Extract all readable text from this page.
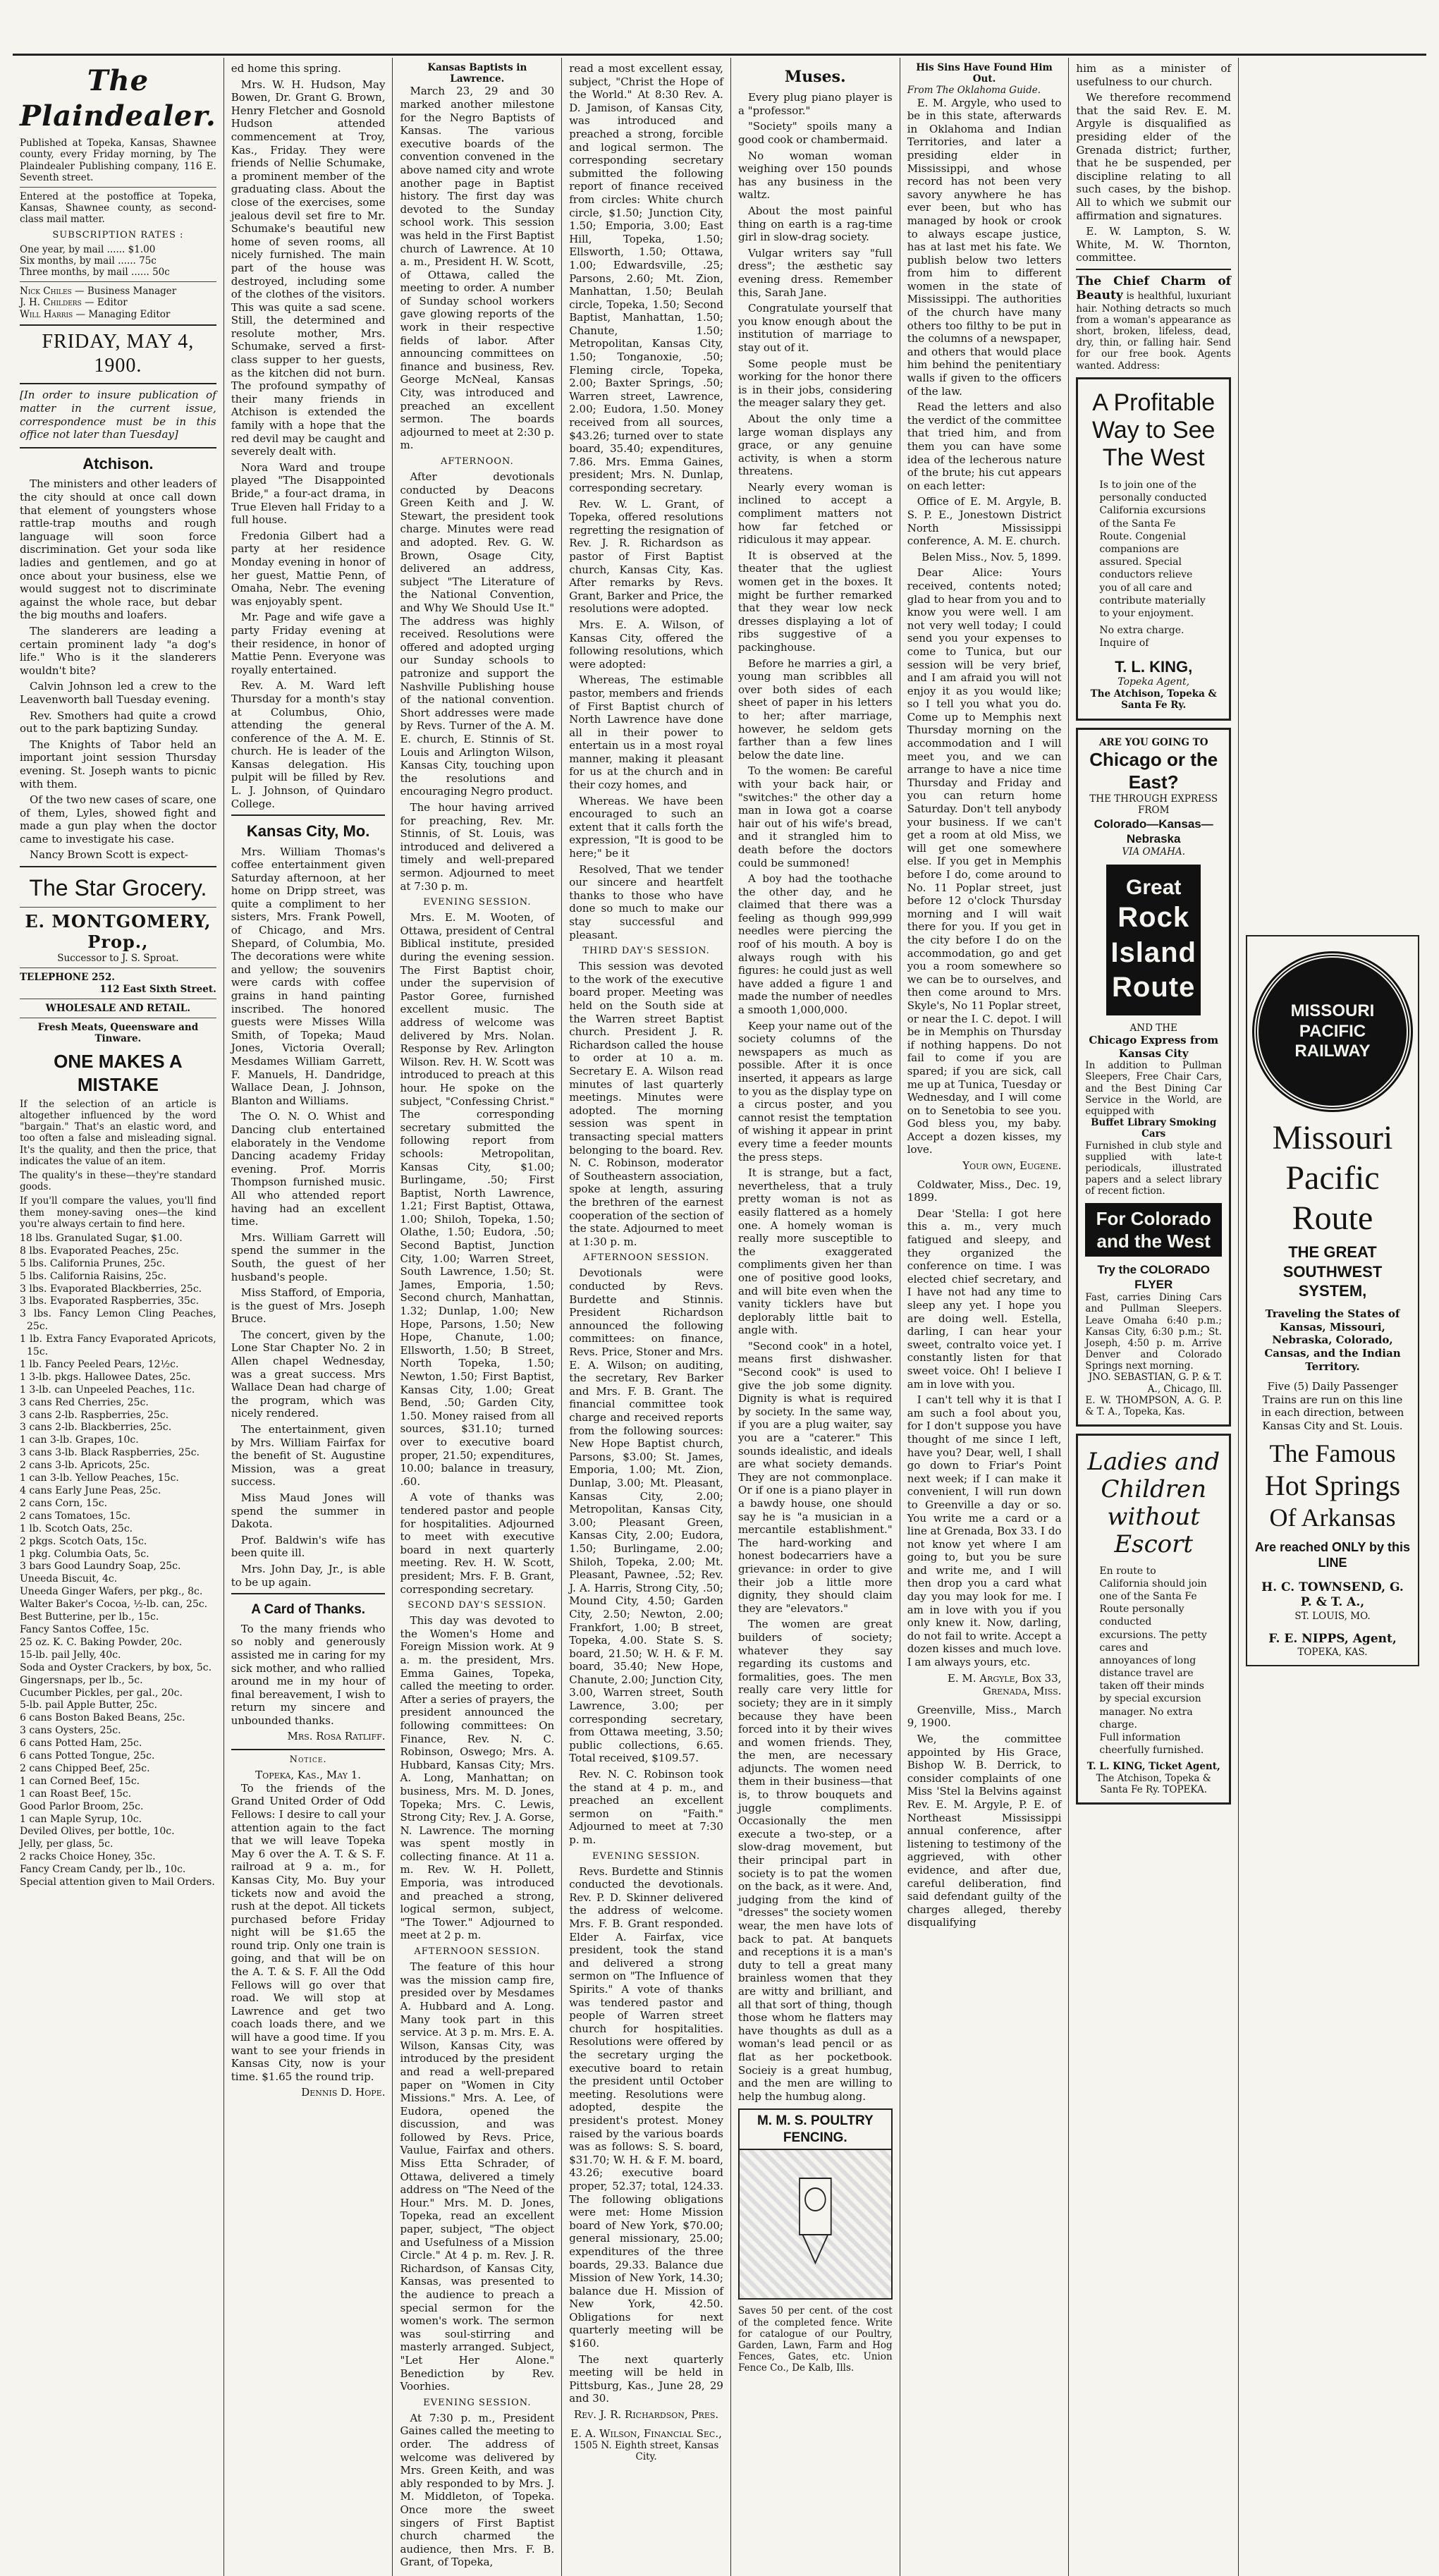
The Plaindealer.
Published at Topeka, Kansas, Shawnee county, every Friday morning, by The Plaindealer Publishing company, 116 E. Seventh street.
Entered at the postoffice at Topeka, Kansas, Shawnee county, as second-class mail matter.
SUBSCRIPTION RATES :
One year, by mail ...... $1.00
Six months, by mail ...... 75c
Three months, by mail ...... 50c
Nick Chiles — Business Manager
J. H. Childers — Editor
Will Harris — Managing Editor
FRIDAY, MAY 4, 1900.
[In order to insure publication of matter in the current issue, correspondence must be in this office not later than Tuesday]
Atchison.

The ministers and other leaders of the city should at once call down that element of youngsters whose rattle-trap mouths and rough language will soon force discrimination. Get your soda like ladies and gentlemen, and go at once about your business, else we would suggest not to discriminate against the whole race, but debar the big mouths and loafers.

The slanderers are leading a certain prominent lady "a dog's life." Who is it the slanderers wouldn't bite?

Calvin Johnson led a crew to the Leavenworth ball Tuesday evening.

Rev. Smothers had quite a crowd out to the park baptizing Sunday.

The Knights of Tabor held an important joint session Thursday evening. St. Joseph wants to picnic with them.

Of the two new cases of scare, one of them, Lyles, showed fight and made a gun play when the doctor came to investigate his case.

Nancy Brown Scott is expect-

The Star Grocery.
E. MONTGOMERY, Prop.,
Successor to J. S. Sproat.
TELEPHONE 252.
112 East Sixth Street.
WHOLESALE AND RETAIL.
Fresh Meats, Queensware and Tinware.
ONE MAKES A MISTAKE
If the selection of an article is altogether influenced by the word "bargain." That's an elastic word, and too often a false and misleading signal. It's the quality, and then the price, that indicates the value of an item.
The quality's in these—they're standard goods.
If you'll compare the values, you'll find them money-saving ones—the kind you're always certain to find here.
18 lbs. Granulated Sugar, $1.00.
8 lbs. Evaporated Peaches, 25c.
5 lbs. California Prunes, 25c.
5 lbs. California Raisins, 25c.
3 lbs. Evaporated Blackberries, 25c.
3 lbs. Evaporated Raspberries, 35c.
3 lbs. Fancy Lemon Cling Peaches, 25c.
1 lb. Extra Fancy Evaporated Apricots, 15c.
1 lb. Fancy Peeled Pears, 12½c.
1 3-lb. pkgs. Hallowee Dates, 25c.
1 3-lb. can Unpeeled Peaches, 11c.
3 cans Red Cherries, 25c.
3 cans 2-lb. Raspberries, 25c.
3 cans 2-lb. Blackberries, 25c.
1 can 3-lb. Grapes, 10c.
3 cans 3-lb. Black Raspberries, 25c.
2 cans 3-lb. Apricots, 25c.
1 can 3-lb. Yellow Peaches, 15c.
4 cans Early June Peas, 25c.
2 cans Corn, 15c.
2 cans Tomatoes, 15c.
1 lb. Scotch Oats, 25c.
2 pkgs. Scotch Oats, 15c.
1 pkg. Columbia Oats, 5c.
3 bars Good Laundry Soap, 25c.
Uneeda Biscuit, 4c.
Uneeda Ginger Wafers, per pkg., 8c.
Walter Baker's Cocoa, ½-lb. can, 25c.
Best Butterine, per lb., 15c.
Fancy Santos Coffee, 15c.
25 oz. K. C. Baking Powder, 20c.
15-lb. pail Jelly, 40c.
Soda and Oyster Crackers, by box, 5c.
Gingersnaps, per lb., 5c.
Cucumber Pickles, per gal., 20c.
5-lb. pail Apple Butter, 25c.
6 cans Boston Baked Beans, 25c.
3 cans Oysters, 25c.
6 cans Potted Ham, 25c.
6 cans Potted Tongue, 25c.
2 cans Chipped Beef, 25c.
1 can Corned Beef, 15c.
1 can Roast Beef, 15c.
Good Parlor Broom, 25c.
1 can Maple Syrup, 10c.
Deviled Olives, per bottle, 10c.
Jelly, per glass, 5c.
2 racks Choice Honey, 35c.
Fancy Cream Candy, per lb., 10c.
Special attention given to Mail Orders.

ed home this spring.

Mrs. W. H. Hudson, May Bowen, Dr. Grant G. Brown, Henry Fletcher and Gosnold Hudson attended commencement at Troy, Kas., Friday. They were friends of Nellie Schumake, a prominent member of the graduating class. About the close of the exercises, some jealous devil set fire to Mr. Schumake's beautiful new home of seven rooms, all nicely furnished. The main part of the house was destroyed, including some of the clothes of the visitors. This was quite a sad scene. Still, the determined and resolute mother, Mrs. Schumake, served a first-class supper to her guests, as the kitchen did not burn. The profound sympathy of their many friends in Atchison is extended the family with a hope that the red devil may be caught and severely dealt with.

Nora Ward and troupe played "The Disappointed Bride," a four-act drama, in True Eleven hall Friday to a full house.

Fredonia Gilbert had a party at her residence Monday evening in honor of her guest, Mattie Penn, of Omaha, Nebr. The evening was enjoyably spent.

Mr. Page and wife gave a party Friday evening at their residence, in honor of Mattie Penn. Everyone was royally entertained.

Rev. A. M. Ward left Thursday for a month's stay at Columbus, Ohio, attending the general conference of the A. M. E. church. He is leader of the Kansas delegation. His pulpit will be filled by Rev. L. J. Johnson, of Quindaro College.

Kansas City, Mo.

Mrs. William Thomas's coffee entertainment given Saturday afternoon, at her home on Dripp street, was quite a compliment to her sisters, Mrs. Frank Powell, of Chicago, and Mrs. Shepard, of Columbia, Mo. The decorations were white and yellow; the souvenirs were cards with coffee grains in hand painting inscribed. The honored guests were Misses Willa Smith, of Topeka; Maud Jones, Victoria Overall; Mesdames William Garrett, F. Manuels, H. Dandridge, Wallace Dean, J. Johnson, Blanton and Williams.

The O. N. O. Whist and Dancing club entertained elaborately in the Vendome Dancing academy Friday evening. Prof. Morris Thompson furnished music. All who attended report having had an excellent time.

Mrs. William Garrett will spend the summer in the South, the guest of her husband's people.

Miss Stafford, of Emporia, is the guest of Mrs. Joseph Bruce.

The concert, given by the Lone Star Chapter No. 2 in Allen chapel Wednesday, was a great success. Mrs Wallace Dean had charge of the program, which was nicely rendered.

The entertainment, given by Mrs. William Fairfax for the benefit of St. Augustine Mission, was a great success.

Miss Maud Jones will spend the summer in Dakota.

Prof. Baldwin's wife has been quite ill.

Mrs. John Day, Jr., is able to be up again.

A Card of Thanks.

To the many friends who so nobly and generously assisted me in caring for my sick mother, and who rallied around me in my hour of final bereavement, I wish to return my sincere and unbounded thanks.

Mrs. Rosa Ratliff.
Notice.
Topeka, Kas., May 1.

To the friends of the Grand United Order of Odd Fellows: I desire to call your attention again to the fact that we will leave Topeka May 6 over the A. T. & S. F. railroad at 9 a. m., for Kansas City, Mo. Buy your tickets now and avoid the rush at the depot. All tickets purchased before Friday night will be $1.65 the round trip. Only one train is going, and that will be on the A. T. & S. F. All the Odd Fellows will go over that road. We will stop at Lawrence and get two coach loads there, and we will have a good time. If you want to see your friends in Kansas City, now is your time. $1.65 the round trip.

Dennis D. Hope.
Kansas Baptists in Lawrence.

March 23, 29 and 30 marked another milestone for the Negro Baptists of Kansas. The various executive boards of the convention convened in the above named city and wrote another page in Baptist history. The first day was devoted to the Sunday school work. This session was held in the First Baptist church of Lawrence. At 10 a. m., President H. W. Scott, of Ottawa, called the meeting to order. A number of Sunday school workers gave glowing reports of the work in their respective fields of labor. After announcing committees on finance and business, Rev. George McNeal, Kansas City, was introduced and preached an excellent sermon. The boards adjourned to meet at 2:30 p. m.

AFTERNOON.

After devotionals conducted by Deacons Green Keith and J. W. Stewart, the president took charge. Minutes were read and adopted. Rev. G. W. Brown, Osage City, delivered an address, subject "The Literature of the National Convention, and Why We Should Use It." The address was highly received. Resolutions were offered and adopted urging our Sunday schools to patronize and support the Nashville Publishing house of the national convention. Short addresses were made by Revs. Turner of the A. M. E. church, E. Stinnis of St. Louis and Arlington Wilson, Kansas City, touching upon the resolutions and encouraging Negro product.

The hour having arrived for preaching, Rev. Mr. Stinnis, of St. Louis, was introduced and delivered a timely and well-prepared sermon. Adjourned to meet at 7:30 p. m.

EVENING SESSION.

Mrs. E. M. Wooten, of Ottawa, president of Central Biblical institute, presided during the evening session. The First Baptist choir, under the supervision of Pastor Goree, furnished excellent music. The address of welcome was delivered by Mrs. Nolan. Response by Rev. Arlington Wilson. Rev. H. W. Scott was introduced to preach at this hour. He spoke on the subject, "Confessing Christ." The corresponding secretary submitted the following report from schools: Metropolitan, Kansas City, $1.00; Burlingame, .50; First Baptist, North Lawrence, 1.21; First Baptist, Ottawa, 1.00; Shiloh, Topeka, 1.50; Olathe, 1.50; Eudora, .50; Second Baptist, Junction City, 1.00; Warren Street, South Lawrence, 1.50; St. James, Emporia, 1.50; Second church, Manhattan, 1.32; Dunlap, 1.00; New Hope, Parsons, 1.50; New Hope, Chanute, 1.00; Ellsworth, 1.50; B Street, North Topeka, 1.50; Newton, 1.50; First Baptist, Kansas City, 1.00; Great Bend, .50; Garden City, 1.50. Money raised from all sources, $31.10; turned over to executive board proper, 21.50; expenditures, 10.00; balance in treasury, .60.

A vote of thanks was tendered pastor and people for hospitalities. Adjourned to meet with executive board in next quarterly meeting. Rev. H. W. Scott, president; Mrs. F. B. Grant, corresponding secretary.

SECOND DAY'S SESSION.

This day was devoted to the Women's Home and Foreign Mission work. At 9 a. m. the president, Mrs. Emma Gaines, Topeka, called the meeting to order. After a series of prayers, the president announced the following committees: On Finance, Rev. N. C. Robinson, Oswego; Mrs. A. Hubbard, Kansas City; Mrs. A. Long, Manhattan; on business, Mrs. M. D. Jones, Topeka; Mrs. C. Lewis, Strong City; Rev. J. A. Gorse, N. Lawrence. The morning was spent mostly in collecting finance. At 11 a. m. Rev. W. H. Pollett, Emporia, was introduced and preached a strong, logical sermon, subject, "The Tower." Adjourned to meet at 2 p. m.

AFTERNOON SESSION.

The feature of this hour was the mission camp fire, presided over by Mesdames A. Hubbard and A. Long. Many took part in this service. At 3 p. m. Mrs. E. A. Wilson, Kansas City, was introduced by the president and read a well-prepared paper on "Women in City Missions." Mrs. A. Lee, of Eudora, opened the discussion, and was followed by Revs. Price, Vaulue, Fairfax and others. Miss Etta Schrader, of Ottawa, delivered a timely address on "The Need of the Hour." Mrs. M. D. Jones, Topeka, read an excellent paper, subject, "The object and Usefulness of a Mission Circle." At 4 p. m. Rev. J. R. Richardson, of Kansas City, Kansas, was presented to the audience to preach a special sermon for the women's work. The sermon was soul-stirring and masterly arranged. Subject, "Let Her Alone." Benediction by Rev. Voorhies.

EVENING SESSION.

At 7:30 p. m., President Gaines called the meeting to order. The address of welcome was delivered by Mrs. Green Keith, and was ably responded to by Mrs. J. M. Middleton, of Topeka. Once more the sweet singers of First Baptist church charmed the audience, then Mrs. F. B. Grant, of Topeka,

read a most excellent essay, subject, "Christ the Hope of the World." At 8:30 Rev. A. D. Jamison, of Kansas City, was introduced and preached a strong, forcible and logical sermon. The corresponding secretary submitted the following report of finance received from circles: White church circle, $1.50; Junction City, 1.50; Emporia, 3.00; East Hill, Topeka, 1.50; Ellsworth, 1.50; Ottawa, 1.00; Edwardsville, .25; Parsons, 2.60; Mt. Zion, Manhattan, 1.50; Beulah circle, Topeka, 1.50; Second Baptist, Manhattan, 1.50; Chanute, 1.50; Metropolitan, Kansas City, 1.50; Tonganoxie, .50; Fleming circle, Topeka, 2.00; Baxter Springs, .50; Warren street, Lawrence, 2.00; Eudora, 1.50. Money received from all sources, $43.26; turned over to state board, 35.40; expenditures, 7.86. Mrs. Emma Gaines, president; Mrs. N. Dunlap, corresponding secretary.

Rev. W. L. Grant, of Topeka, offered resolutions regretting the resignation of Rev. J. R. Richardson as pastor of First Baptist church, Kansas City, Kas. After remarks by Revs. Grant, Barker and Price, the resolutions were adopted.

Mrs. E. A. Wilson, of Kansas City, offered the following resolutions, which were adopted:

Whereas, The estimable pastor, members and friends of First Baptist church of North Lawrence have done all in their power to entertain us in a most royal manner, making it pleasant for us at the church and in their cozy homes, and

Whereas. We have been encouraged to such an extent that it calls forth the expression, "It is good to be here;" be it

Resolved, That we tender our sincere and heartfelt thanks to those who have done so much to make our stay successful and pleasant.

THIRD DAY'S SESSION.

This session was devoted to the work of the executive board proper. Meeting was held on the South side at the Warren street Baptist church. President J. R. Richardson called the house to order at 10 a. m. Secretary E. A. Wilson read minutes of last quarterly meetings. Minutes were adopted. The morning session was spent in transacting special matters belonging to the board. Rev. N. C. Robinson, moderator of Southeastern association, spoke at length, assuring the brethren of the earnest cooperation of the section of the state. Adjourned to meet at 1:30 p. m.

AFTERNOON SESSION.

Devotionals were conducted by Revs. Burdette and Stinnis. President Richardson announced the following committees: on finance, Revs. Price, Stoner and Mrs. E. A. Wilson; on auditing, the secretary, Rev Barker and Mrs. F. B. Grant. The financial committee took charge and received reports from the following sources: New Hope Baptist church, Parsons, $3.00; St. James, Emporia, 1.00; Mt. Zion, Dunlap, 3.00; Mt. Pleasant, Kansas City, 2.00; Metropolitan, Kansas City, 3.00; Pleasant Green, Kansas City, 2.00; Eudora, 1.50; Burlingame, 2.00; Shiloh, Topeka, 2.00; Mt. Pleasant, Pawnee, .52; Rev. J. A. Harris, Strong City, .50; Mound City, 4.50; Garden City, 2.50; Newton, 2.00; Frankfort, 1.00; B street, Topeka, 4.00. State S. S. board, 21.50; W. H. & F. M. board, 35.40; New Hope, Chanute, 2.00; Junction City, 3.00, Warren street, South Lawrence, 3.00; per corresponding secretary, from Ottawa meeting, 3.50; public collections, 6.65. Total received, $109.57.

Rev. N. C. Robinson took the stand at 4 p. m., and preached an excellent sermon on "Faith." Adjourned to meet at 7:30 p. m.

EVENING SESSION.

Revs. Burdette and Stinnis conducted the devotionals. Rev. P. D. Skinner delivered the address of welcome. Mrs. F. B. Grant responded. Elder A. Fairfax, vice president, took the stand and delivered a strong sermon on "The Influence of Spirits." A vote of thanks was tendered pastor and people of Warren street church for hospitalities. Resolutions were offered by the secretary urging the executive board to retain the president until October meeting. Resolutions were adopted, despite the president's protest. Money raised by the various boards was as follows: S. S. board, $31.70; W. H. & F. M. board, 43.26; executive board proper, 52.37; total, 124.33. The following obligations were met: Home Mission board of New York, $70.00; general missionary, 25.00; expenditures of the three boards, 29.33. Balance due Mission of New York, 14.30; balance due H. Mission of New York, 42.50. Obligations for next quarterly meeting will be $160.

The next quarterly meeting will be held in Pittsburg, Kas., June 28, 29 and 30.

Rev. J. R. Richardson, Pres.
E. A. Wilson, Financial Sec.,
1505 N. Eighth street, Kansas City.
Muses.

Every plug piano player is a "professor."

"Society" spoils many a good cook or chambermaid.

No woman woman weighing over 150 pounds has any business in the waltz.

About the most painful thing on earth is a rag-time girl in slow-drag society.

Vulgar writers say "full dress"; the æsthetic say evening dress. Remember this, Sarah Jane.

Congratulate yourself that you know enough about the institution of marriage to stay out of it.

Some people must be working for the honor there is in their jobs, considering the meager salary they get.

About the only time a large woman displays any grace, or any genuine activity, is when a storm threatens.

Nearly every woman is inclined to accept a compliment matters not how far fetched or ridiculous it may appear.

It is observed at the theater that the ugliest women get in the boxes. It might be further remarked that they wear low neck dresses displaying a lot of ribs suggestive of a packinghouse.

Before he marries a girl, a young man scribbles all over both sides of each sheet of paper in his letters to her; after marriage, however, he seldom gets farther than a few lines below the date line.

To the women: Be careful with your back hair, or "switches:" the other day a man in Iowa got a coarse hair out of his wife's bread, and it strangled him to death before the doctors could be summoned!

A boy had the toothache the other day, and he claimed that there was a feeling as though 999,999 needles were piercing the roof of his mouth. A boy is always rough with his figures: he could just as well have added a figure 1 and made the number of needles a smooth 1,000,000.

Keep your name out of the society columns of the newspapers as much as possible. After it is once inserted, it appears as large to you as the display type on a circus poster, and you cannot resist the temptation of wishing it appear in print every time a feeder mounts the press steps.

It is strange, but a fact, nevertheless, that a truly pretty woman is not as easily flattered as a homely one. A homely woman is really more susceptible to the exaggerated compliments given her than one of positive good looks, and will bite even when the vanity ticklers have but deplorably little bait to angle with.

"Second cook" in a hotel, means first dishwasher. "Second cook" is used to give the job some dignity. Dignity is what is required by society. In the same way, if you are a plug waiter, say you are a "caterer." This sounds idealistic, and ideals are what society demands. They are not commonplace. Or if one is a piano player in a bawdy house, one should say he is "a musician in a mercantile establishment." The hard-working and honest bodecarriers have a grievance: in order to give their job a little more dignity, they should claim they are "elevators."

The women are great builders of society; whatever they say regarding its customs and formalities, goes. The men really care very little for society; they are in it simply because they have been forced into it by their wives and women friends. They, the men, are necessary adjuncts. The women need them in their business—that is, to throw bouquets and juggle compliments. Occasionally the men execute a two-step, or a slow-drag movement, but their principal part in society is to pat the women on the back, as it were. And, judging from the kind of "dresses" the society women wear, the men have lots of back to pat. At banquets and receptions it is a man's duty to tell a great many brainless women that they are witty and brilliant, and all that sort of thing, though those whom he flatters may have thoughts as dull as a woman's lead pencil or as flat as her pocketbook. Socieiy is a great humbug, and the men are willing to help the humbug along.

M. M. S. POULTRY FENCING.
Saves 50 per cent. of the cost of the completed fence. Write for catalogue of our Poultry, Garden, Lawn, Farm and Hog Fences, Gates, etc. Union Fence Co., De Kalb, Ills.
His Sins Have Found Him Out.
From The Oklahoma Guide.

E. M. Argyle, who used to be in this state, afterwards in Oklahoma and Indian Territories, and later a presiding elder in Mississippi, and whose record has not been very savory anywhere he has ever been, but who has managed by hook or crook to always escape justice, has at last met his fate. We publish below two letters from him to different women in the state of Mississippi. The authorities of the church have many others too filthy to be put in the columns of a newspaper, and others that would place him behind the penitentiary walls if given to the officers of the law.

Read the letters and also the verdict of the committee that tried him, and from them you can have some idea of the lecherous nature of the brute; his cut appears on each letter:

Office of E. M. Argyle, B. S. P. E., Jonestown District North Mississippi conference, A. M. E. church.

Belen Miss., Nov. 5, 1899.

Dear Alice: Yours received, contents noted; glad to hear from you and to know you were well. I am not very well today; I could send you your expenses to come to Tunica, but our session will be very brief, and I am afraid you will not enjoy it as you would like; so I tell you what you do. Come up to Memphis next Thursday morning on the accommodation and I will meet you, and we can arrange to have a nice time Thursday and Friday and you can return home Saturday. Don't tell anybody your business. If we can't get a room at old Miss, we will get one somewhere else. If you get in Memphis before I do, come around to No. 11 Poplar street, just before 12 o'clock Thursday morning and I will wait there for you. If you get in the city before I do on the accommodation, go and get you a room somewhere so we can be to ourselves, and then come around to Mrs. Skyle's, No 11 Poplar street, or near the I. C. depot. I will be in Memphis on Thursday if nothing happens. Do not fail to come if you are spared; if you are sick, call me up at Tunica, Tuesday or Wednesday, and I will come on to Senetobia to see you. God bless you, my baby. Accept a dozen kisses, my love.

Your own, Eugene.

Coldwater, Miss., Dec. 19, 1899.

Dear 'Stella: I got here this a. m., very much fatigued and sleepy, and they organized the conference on time. I was elected chief secretary, and I have not had any time to sleep any yet. I hope you are doing well. Estella, darling, I can hear your sweet, contralto voice yet. I constantly listen for that sweet voice. Oh! I believe I am in love with you.

I can't tell why it is that I am such a fool about you, for I don't suppose you have thought of me since I left, have you? Dear, well, I shall go down to Friar's Point next week; if I can make it convenient, I will run down to Greenville a day or so. You write me a card or a line at Grenada, Box 33. I do not know yet where I am going to, but you be sure and write me, and I will then drop you a card what day you may look for me. I am in love with you if you only knew it. Now, darling, do not fail to write. Accept a dozen kisses and much love. I am always yours, etc.

E. M. Argyle, Box 33, Grenada, Miss.

Greenville, Miss., March 9, 1900.

We, the committee appointed by His Grace, Bishop W. B. Derrick, to consider complaints of one Miss 'Stel la Belvins against Rev. E. M. Argyle, P. E. of Northeast Mississippi annual conference, after listening to testimony of the aggrieved, with other evidence, and after due, careful deliberation, find said defendant guilty of the charges alleged, thereby disqualifying

him as a minister of usefulness to our church.

We therefore recommend that the said Rev. E. M. Argyle is disqualified as presiding elder of the Grenada district; further, that he be suspended, per discipline relating to all such cases, by the bishop. All to which we submit our affirmation and signatures.

E. W. Lampton, S. W. White, M. W. Thornton, committee.

The Chief Charm of Beauty is healthful, luxuriant hair. Nothing detracts so much from a woman's appearance as short, broken, lifeless, dead, dry, thin, or falling hair. Send for our free book. Agents wanted. Address:
A Profitable Way to See The West
Is to join one of the personally conducted California excursions of the Santa Fe Route. Congenial companions are assured. Special conductors relieve you of all care and contribute materially to your enjoyment.
No extra charge.
Inquire of
T. L. KING,
Topeka Agent,
The Atchison, Topeka & Santa Fe Ry.
ARE YOU GOING TO
Chicago or the East?
THE THROUGH EXPRESS FROM
Colorado—Kansas—Nebraska
VIA OMAHA.
Great
Rock Island
Route
AND THE
Chicago Express from Kansas City
In addition to Pullman Sleepers, Free Chair Cars, and the Best Dining Car Service in the World, are equipped with
Buffet Library Smoking Cars
Furnished in club style and supplied with late-t periodicals, illustrated papers and a select library of recent fiction.
For Colorado and the West
Try the COLORADO FLYER
Fast, carries Dining Cars and Pullman Sleepers. Leave Omaha 6:40 p.m.; Kansas City, 6:30 p.m.; St. Joseph, 4:50 p. m. Arrive Denver and Colorado Springs next morning.
JNO. SEBASTIAN, G. P. & T. A., Chicago, Ill.
E. W. THOMPSON, A. G. P. & T. A., Topeka, Kas.
Ladies and Children without Escort
En route to California should join one of the Santa Fe Route personally conducted excursions. The petty cares and annoyances of long distance travel are taken off their minds by special excursion manager. No extra charge.
Full information cheerfully furnished.
T. L. KING, Ticket Agent,
The Atchison, Topeka & Santa Fe Ry. TOPEKA.
MISSOURI
PACIFIC
RAILWAY
Missouri
Pacific
Route
THE GREAT
SOUTHWEST SYSTEM,
Traveling the States of Kansas, Missouri, Nebraska, Colorado, Cansas, and the Indian Territory.
Five (5) Daily Passenger Trains are run on this line in each direction, between Kansas City and St. Louis.
The Famous
Hot Springs
Of Arkansas
Are reached ONLY by this LINE
H. C. TOWNSEND, G. P. & T. A.,
ST. LOUIS, MO.
F. E. NIPPS, Agent,
TOPEKA, KAS.
